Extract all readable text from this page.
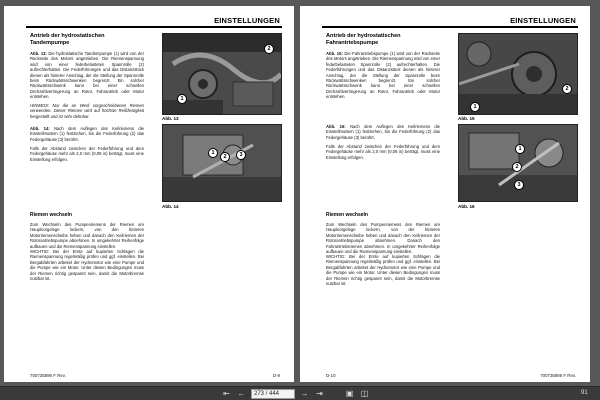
EINSTELLUNGEN
Antrieb der hydrostatischen Tandempumpe
Abb. 13: Die hydrostatische Tandempumpe (1) wird von der Rückseite des Motors angetrieben. Die Riemenspannung wird von einer federbelasteten Spannrolle (2) aufrechterhalten. Die Federführungen und das Distanzstück dienen als hinterer Anschlag, der die Stellung der Spannrolle beim Rückwärtsschwenken begrenzt. Ein solcher Rückwärtsschwenk kann bei einer schnellen Drehzahlverringerung an Rotor, Fahrantrieb oder Motor entstehen.
HINWEIS: Nur die an Werk vorgeschriebenen Riemen verwenden. Dieser Riemen wird auf höchste Reißfestigkeit hergestellt und ist sehr dehnbar.
Abb. 14: Nach dem Auflegen des Keilriemens die Einstellmuttern (1) festziehen, bis die Federführung (2) das Federgehäuse (3) berührt.
Falls der Abstand zwischen der Federführung und dem Federgehäuse mehr als 2,0 mm (0,08 in) beträgt, muss eine Einstellung erfolgen.
Riemen wechseln
Zum Wechseln des Pumpenriemens der Riemen am Hauptvorgelege lockern, von den hinteren Motorriemenscheibe heben und danach den Keilriemen der Rotorantriebspumpe abnehmen. In umgekehrter Reihenfolge aufbauen und die Riemenspannung einstellen.
WICHTIG: Bei der Ernte auf kupierten Schlägen die Riemenspannung regelmäßig prüfen und ggf. einstellen. Bei Bergabfahrten arbeitet der Hydromotor wie eine Pumpe und die Pumpe wie ein Motor. Unter diesen Bedingungen muss der Riemen richtig gespannt sein, damit die Motorbremse nutzbar ist.
1
2
Abb. 13
1
2	3
Abb. 14
700735896 F Rev.	D-9
EINSTELLUNGEN
Antrieb der hydrostatischen Fahrantriebspumpe
Abb. 15: Die Fahrantriebspumpe (1) wird von der Rückseite des Motors angetrieben. Die Riemenspannung wird von einer federbelasteten Spannrolle (2) aufrechterhalten. Die Federführungen und das Distanzstück dienen als hinterer Anschlag, der die Stellung der Spannrolle beim Rückwärtsschwenken begrenzt. Ein solcher Rückwärtsschwenk kann bei einer schnellen Drehzahlverringerung an Rotor, Fahrantrieb oder Motor entstehen.
Abb. 16: Nach dem Auflegen des Keilriemens die Einstellmuttern (1) festziehen, bis die Federführung (2) das Federgehäuse (3) berührt.
Falls der Abstand zwischen der Federführung und dem Federgehäuse mehr als 2,0 mm (0,08 in) beträgt, muss eine Einstellung erfolgen.
Riemen wechseln
Zum Wechseln des Pumpenriemens den Riemen am Hauptvorgelege lockern, von der hinteren Motorriemenscheibe heben und danach den Keilriemen der Rotorantriebspumpe abnehmen. Danach den Fahrantriebsriemen abnehmen. In umgekehrter Reihenfolge aufbauen und die Riemenspannung einstellen.
WICHTIG: Bei der Ernte auf kupierten Schlägen die Riemenspannung regelmäßig prüfen und ggf. einstellen. Bei Bergabfahrten arbeitet der Hydromotor wie eine Pumpe und die Pumpe wie ein Motor. Unter diesen Bedingungen muss der Riemen richtig gespannt sein, damit die Motorbremse nutzbar ist.
1
2
Abb. 15
1
2
3
Abb. 16
D-10	700735896 F Rev.
⇤ ←	273 / 444	→ ⇥	▣ ◫	91
